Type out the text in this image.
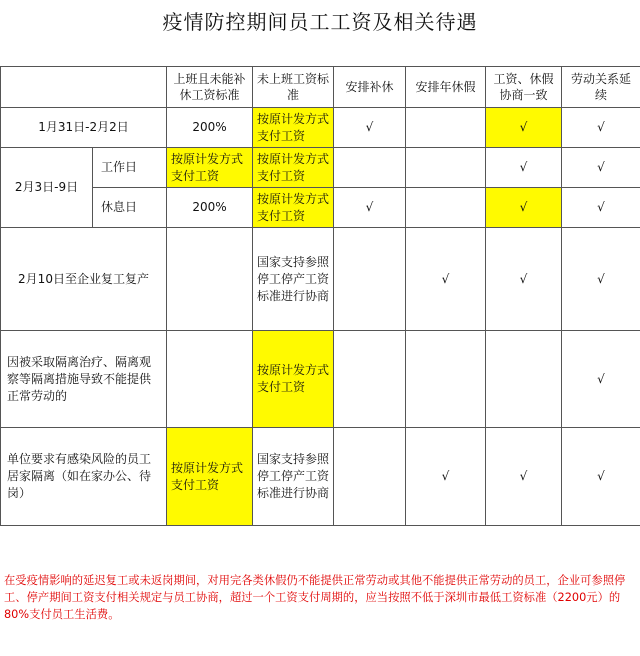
疫情防控期间员工工资及相关待遇
		上班且未能补休工资标准	未上班工资标准	安排补休	安排年休假	工资、休假协商一致	劳动关系延续
1月31日-2月2日		200%	按原计发方式支付工资	√		√	√
2月3日-9日	工作日	按原计发方式支付工资	按原计发方式支付工资			√	√
	休息日	200%	按原计发方式支付工资	√		√	√
2月10日至企业复工复产			国家支持参照停工停产工资标准进行协商		√	√	√
因被采取隔离治疗、隔离观察等隔离措施导致不能提供正常劳动的			按原计发方式支付工资				√
单位要求有感染风险的员工居家隔离（如在家办公、待岗）		按原计发方式支付工资	国家支持参照停工停产工资标准进行协商		√	√	√
在受疫情影响的延迟复工或未返岗期间，对用完各类休假仍不能提供正常劳动或其他不能提供正常劳动的员工，企业可参照停工、停产期间工资支付相关规定与员工协商，超过一个工资支付周期的，应当按照不低于深圳市最低工资标准（2200元）的80%支付员工生活费。
